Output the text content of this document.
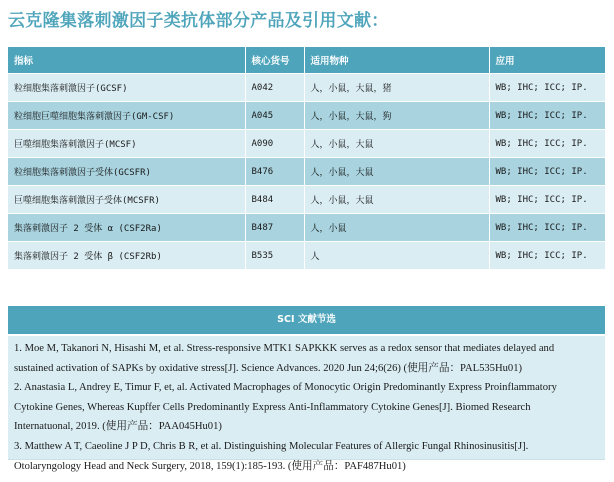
云克隆集落刺激因子类抗体部分产品及引用文献：
指标	核心货号	适用物种	应用
粒细胞集落刺激因子(GCSF)	A042	人，小鼠，大鼠，猪	WB; IHC; ICC; IP.
粒细胞巨噬细胞集落刺激因子(GM-CSF)	A045	人，小鼠，大鼠，狗	WB; IHC; ICC; IP.
巨噬细胞集落刺激因子(MCSF)	A090	人，小鼠，大鼠	WB; IHC; ICC; IP.
粒细胞集落刺激因子受体(GCSFR)	B476	人，小鼠，大鼠	WB; IHC; ICC; IP.
巨噬细胞集落刺激因子受体(MCSFR)	B484	人，小鼠，大鼠	WB; IHC; ICC; IP.
集落刺激因子 2 受体 α (CSF2Ra)	B487	人，小鼠	WB; IHC; ICC; IP.
集落刺激因子 2 受体 β (CSF2Rb)	B535	人	WB; IHC; ICC; IP.
SCI 文献节选
1. Moe M, Takanori N, Hisashi M, et al. Stress-responsive MTK1 SAPKKK serves as a redox sensor that mediates delayed and
sustained activation of SAPKs by oxidative stress[J]. Science Advances. 2020 Jun 24;6(26) (使用产品：PAL535Hu01)
2. Anastasia L, Andrey E, Timur F, et, al. Activated Macrophages of Monocytic Origin Predominantly Express Proinflammatory
Cytokine Genes, Whereas Kupffer Cells Predominantly Express Anti-Inflammatory Cytokine Genes[J]. Biomed Research
Internatuonal, 2019. (使用产品：PAA045Hu01)
3. Matthew A T, Caeoline J P D, Chris B R, et al. Distinguishing Molecular Features of Allergic Fungal Rhinosinusitis[J].
Otolaryngology Head and Neck Surgery, 2018, 159(1):185-193. (使用产品：PAF487Hu01)
